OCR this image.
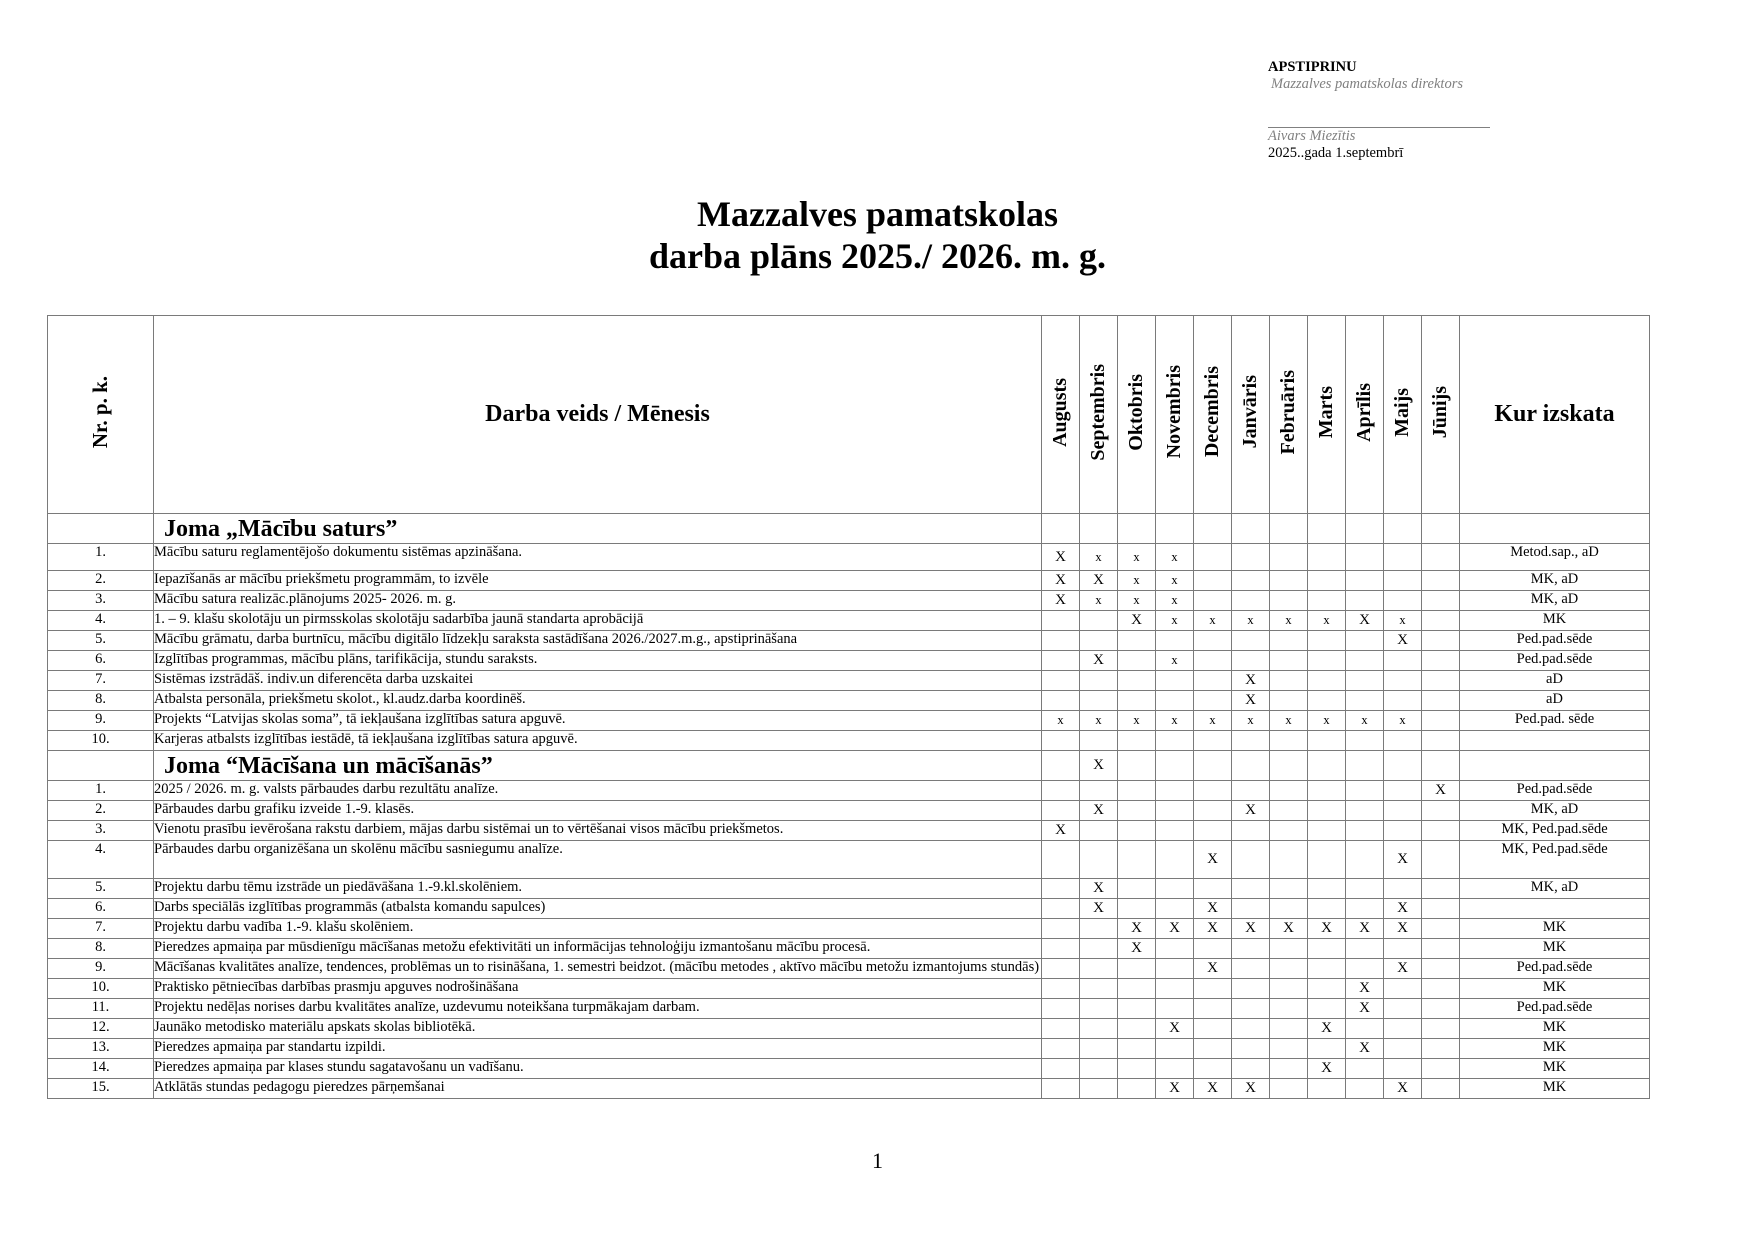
APSTIPRINU
Mazzalves pamatskolas direktors
Aivars Miezītis
2025..gada 1.septembrī
Mazzalves pamatskolas
darba plāns 2025./ 2026. m. g.
Nr. p. k.	Darba veids / Mēnesis	Augusts	Septembris	Oktobris	Novembris	Decembris	Janvāris	Februāris	Marts	Aprīlis	Maijs	Jūnijs	Kur izskata
	Joma „Mācību saturs”												
1.	Mācību saturu reglamentējošo dokumentu sistēmas apzināšana.	X	x	x	x								Metod.sap., aD
2.	Iepazīšanās ar mācību priekšmetu programmām, to izvēle	X	X	x	x								MK, aD
3.	Mācību satura realizāc.plānojums 2025- 2026. m. g.	X	x	x	x								MK, aD
4.	1. – 9. klašu skolotāju un pirmsskolas skolotāju sadarbība jaunā standarta aprobācijā			X	x	x	x	x	x	X	x		MK
5.	Mācību grāmatu, darba burtnīcu, mācību digitālo līdzekļu saraksta sastādīšana 2026./2027.m.g., apstiprināšana										X		Ped.pad.sēde
6.	Izglītības programmas, mācību plāns, tarifikācija, stundu saraksts.		X		x								Ped.pad.sēde
7.	Sistēmas izstrādāš. indiv.un diferencēta darba uzskaitei						X						aD
8.	Atbalsta personāla, priekšmetu skolot., kl.audz.darba koordinēš.						X						aD
9.	Projekts “Latvijas skolas soma”, tā iekļaušana izglītības satura apguvē.	x	x	x	x	x	x	x	x	x	x		Ped.pad. sēde
10.	Karjeras atbalsts izglītības iestādē, tā iekļaušana izglītības satura apguvē.												
	Joma “Mācīšana un mācīšanās”		X										
1.	2025 / 2026. m. g. valsts pārbaudes darbu rezultātu analīze.											X	Ped.pad.sēde
2.	Pārbaudes darbu grafiku izveide 1.-9. klasēs.		X				X						MK, aD
3.	Vienotu prasību ievērošana rakstu darbiem, mājas darbu sistēmai un to vērtēšanai visos mācību priekšmetos.	X											MK, Ped.pad.sēde
4.	Pārbaudes darbu organizēšana un skolēnu mācību sasniegumu analīze.					X					X		MK, Ped.pad.sēde
5.	Projektu darbu tēmu izstrāde un piedāvāšana 1.-9.kl.skolēniem.		X										MK, aD
6.	Darbs speciālās izglītības programmās (atbalsta komandu sapulces)		X			X					X		
7.	Projektu darbu vadība 1.-9. klašu skolēniem.			X	X	X	X	X	X	X	X		MK
8.	Pieredzes apmaiņa par mūsdienīgu mācīšanas metožu efektivitāti un informācijas tehnoloģiju izmantošanu mācību procesā.			X									MK
9.	Mācīšanas kvalitātes analīze, tendences, problēmas un to risināšana, 1. semestri beidzot. (mācību metodes , aktīvo mācību metožu izmantojums stundās)					X					X		Ped.pad.sēde
10.	Praktisko pētniecības darbības prasmju apguves nodrošināšana									X			MK
11.	Projektu nedēļas norises darbu kvalitātes analīze, uzdevumu noteikšana turpmākajam darbam.									X			Ped.pad.sēde
12.	Jaunāko metodisko materiālu apskats skolas bibliotēkā.				X				X				MK
13.	Pieredzes apmaiņa par standartu izpildi.									X			MK
14.	Pieredzes apmaiņa par klases stundu sagatavošanu un vadīšanu.								X				MK
15.	Atklātās stundas pedagogu pieredzes pārņemšanai				X	X	X				X		MK
1
